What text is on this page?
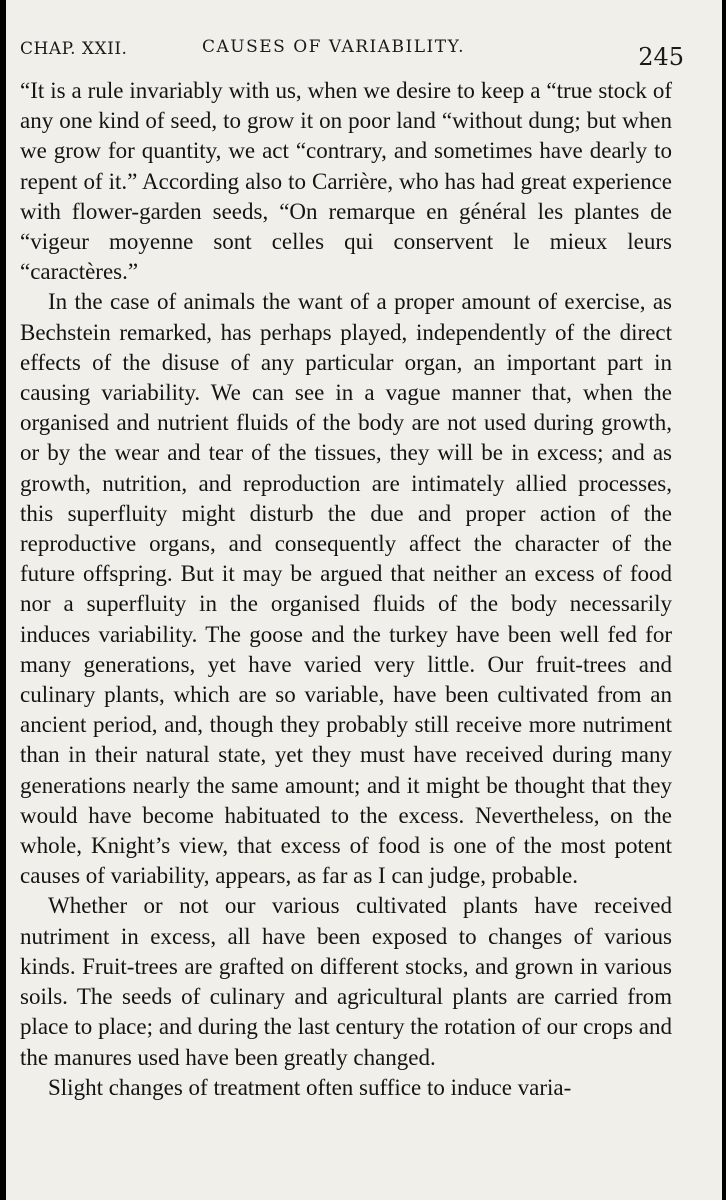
CHAP. XXII.	CAUSES OF VARIABILITY.	245

“It is a rule invariably with us, when we desire to keep a “true stock of any one kind of seed, to grow it on poor land “without dung; but when we grow for quantity, we act “contrary, and sometimes have dearly to repent of it.” According also to Carrière, who has had great experience with flower-garden seeds, “On remarque en général les plantes de “vigeur moyenne sont celles qui conservent le mieux leurs “caractères.”

In the case of animals the want of a proper amount of exercise, as Bechstein remarked, has perhaps played, independently of the direct effects of the disuse of any particular organ, an important part in causing variability. We can see in a vague manner that, when the organised and nutrient fluids of the body are not used during growth, or by the wear and tear of the tissues, they will be in excess; and as growth, nutrition, and reproduction are intimately allied processes, this superfluity might disturb the due and proper action of the reproductive organs, and consequently affect the character of the future offspring. But it may be argued that neither an excess of food nor a superfluity in the organised fluids of the body necessarily induces variability. The goose and the turkey have been well fed for many generations, yet have varied very little. Our fruit-trees and culinary plants, which are so variable, have been cultivated from an ancient period, and, though they probably still receive more nutriment than in their natural state, yet they must have received during many generations nearly the same amount; and it might be thought that they would have become habituated to the excess. Nevertheless, on the whole, Knight’s view, that excess of food is one of the most potent causes of variability, appears, as far as I can judge, probable.

Whether or not our various cultivated plants have received nutriment in excess, all have been exposed to changes of various kinds. Fruit-trees are grafted on different stocks, and grown in various soils. The seeds of culinary and agricultural plants are carried from place to place; and during the last century the rotation of our crops and the manures used have been greatly changed.

Slight changes of treatment often suffice to induce varia-
